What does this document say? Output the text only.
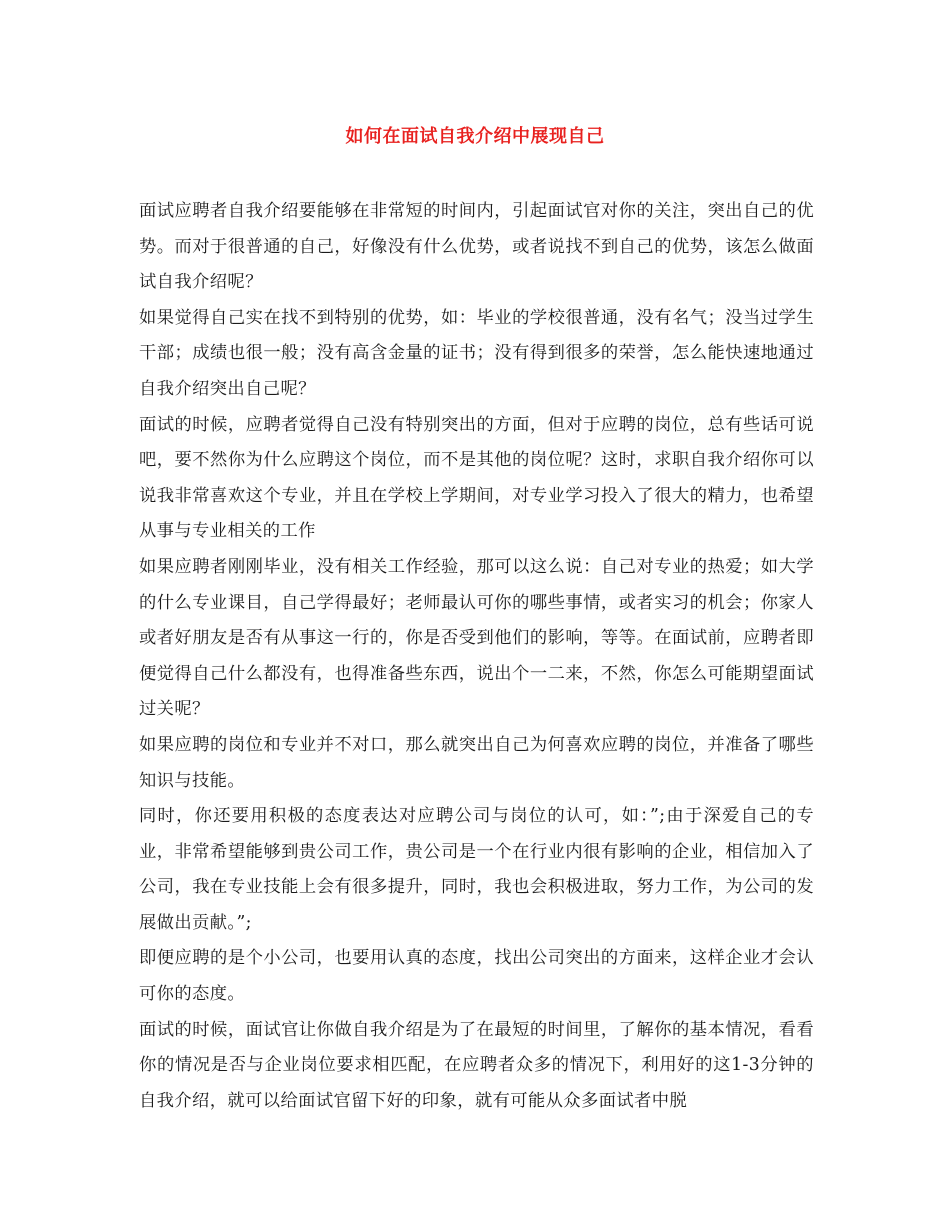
如何在面试自我介绍中展现自己

面试应聘者自我介绍要能够在非常短的时间内，引起面试官对你的关注，突出自己的优势。而对于很普通的自己，好像没有什么优势，或者说找不到自己的优势，该怎么做面试自我介绍呢？

如果觉得自己实在找不到特别的优势，如：毕业的学校很普通，没有名气；没当过学生干部；成绩也很一般；没有高含金量的证书；没有得到很多的荣誉，怎么能快速地通过自我介绍突出自己呢？

面试的时候，应聘者觉得自己没有特别突出的方面，但对于应聘的岗位，总有些话可说吧，要不然你为什么应聘这个岗位，而不是其他的岗位呢？这时，求职自我介绍你可以说我非常喜欢这个专业，并且在学校上学期间，对专业学习投入了很大的精力，也希望从事与专业相关的工作

如果应聘者刚刚毕业，没有相关工作经验，那可以这么说：自己对专业的热爱；如大学的什么专业课目，自己学得最好；老师最认可你的哪些事情，或者实习的机会；你家人或者好朋友是否有从事这一行的，你是否受到他们的影响，等等。在面试前，应聘者即便觉得自己什么都没有，也得准备些东西，说出个一二来，不然，你怎么可能期望面试过关呢？

如果应聘的岗位和专业并不对口，那么就突出自己为何喜欢应聘的岗位，并准备了哪些知识与技能。

同时，你还要用积极的态度表达对应聘公司与岗位的认可，如：”;由于深爱自己的专业，非常希望能够到贵公司工作，贵公司是一个在行业内很有影响的企业，相信加入了公司，我在专业技能上会有很多提升，同时，我也会积极进取，努力工作，为公司的发展做出贡献。”;

即便应聘的是个小公司，也要用认真的态度，找出公司突出的方面来，这样企业才会认可你的态度。

面试的时候，面试官让你做自我介绍是为了在最短的时间里，了解你的基本情况，看看你的情况是否与企业岗位要求相匹配，在应聘者众多的情况下，利用好的这1-3分钟的自我介绍，就可以给面试官留下好的印象，就有可能从众多面试者中脱
